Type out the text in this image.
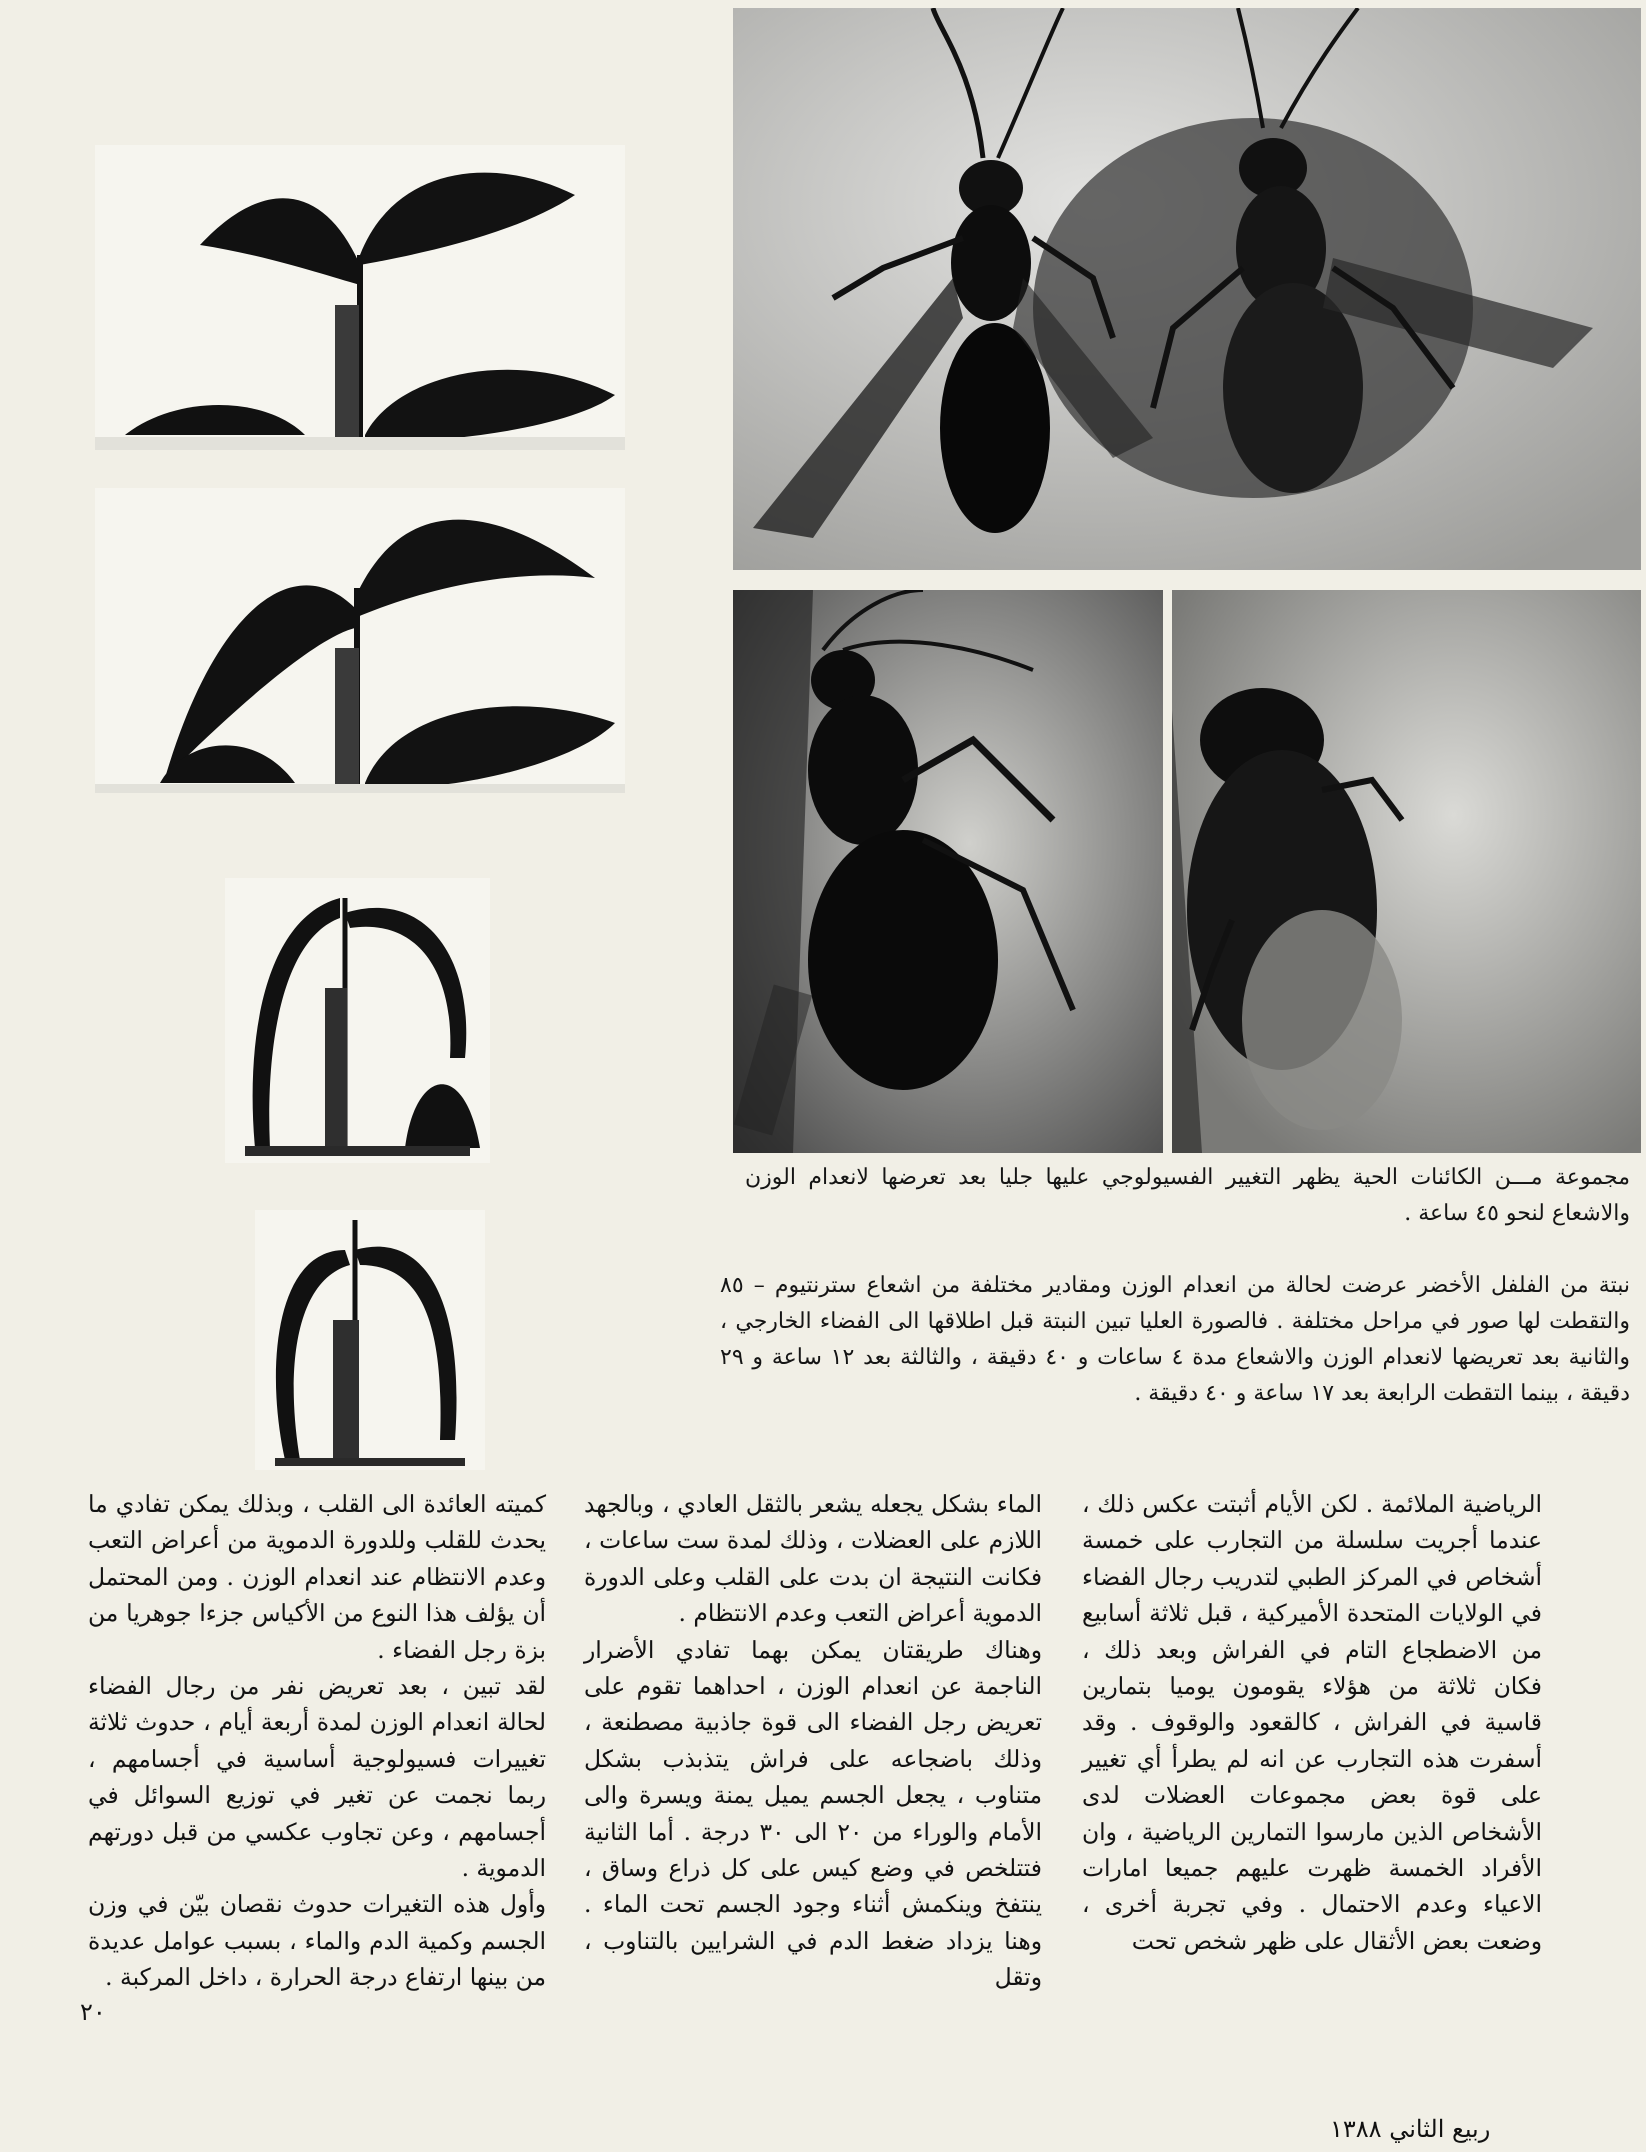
مجموعة مـــن الكائنات الحية يظهر التغيير الفسيولوجي عليها جليا بعد تعرضها لانعدام الوزن والاشعاع لنحو ٤٥ ساعة .

نبتة من الفلفل الأخضر عرضت لحالة من انعدام الوزن ومقادير مختلفة من اشعاع سترنتيوم – ٨٥ والتقطت لها صور في مراحل مختلفة . فالصورة العليا تبين النبتة قبل اطلاقها الى الفضاء الخارجي ، والثانية بعد تعريضها لانعدام الوزن والاشعاع مدة ٤ ساعات و ٤٠ دقيقة ، والثالثة بعد ١٢ ساعة و ٢٩ دقيقة ، بينما التقطت الرابعة بعد ١٧ ساعة و ٤٠ دقيقة .

الرياضية الملائمة . لكن الأيام أثبتت عكس ذلك ، عندما أجريت سلسلة من التجارب على خمسة أشخاص في المركز الطبي لتدريب رجال الفضاء في الولايات المتحدة الأميركية ، قبل ثلاثة أسابيع من الاضطجاع التام في الفراش وبعد ذلك ، فكان ثلاثة من هؤلاء يقومون يوميا بتمارين قاسية في الفراش ، كالقعود والوقوف . وقد أسفرت هذه التجارب عن انه لم يطرأ أي تغيير على قوة بعض مجموعات العضلات لدى الأشخاص الذين مارسوا التمارين الرياضية ، وان الأفراد الخمسة ظهرت عليهم جميعا امارات الاعياء وعدم الاحتمال . وفي تجربة أخرى ، وضعت بعض الأثقال على ظهر شخص تحت

الماء بشكل يجعله يشعر بالثقل العادي ، وبالجهد اللازم على العضلات ، وذلك لمدة ست ساعات ، فكانت النتيجة ان بدت على القلب وعلى الدورة الدموية أعراض التعب وعدم الانتظام .

وهناك طريقتان يمكن بهما تفادي الأضرار الناجمة عن انعدام الوزن ، احداهما تقوم على تعريض رجل الفضاء الى قوة جاذبية مصطنعة ، وذلك باضجاعه على فراش يتذبذب بشكل متناوب ، يجعل الجسم يميل يمنة ويسرة والى الأمام والوراء من ٢٠ الى ٣٠ درجة . أما الثانية فتتلخص في وضع كيس على كل ذراع وساق ، ينتفخ وينكمش أثناء وجود الجسم تحت الماء . وهنا يزداد ضغط الدم في الشرايين بالتناوب ، وتقل

كميته العائدة الى القلب ، وبذلك يمكن تفادي ما يحدث للقلب وللدورة الدموية من أعراض التعب وعدم الانتظام عند انعدام الوزن . ومن المحتمل أن يؤلف هذا النوع من الأكياس جزءا جوهريا من بزة رجل الفضاء .

لقد تبين ، بعد تعريض نفر من رجال الفضاء لحالة انعدام الوزن لمدة أربعة أيام ، حدوث ثلاثة تغييرات فسيولوجية أساسية في أجسامهم ، ربما نجمت عن تغير في توزيع السوائل في أجسامهم ، وعن تجاوب عكسي من قبل دورتهم الدموية .

وأول هذه التغيرات حدوث نقصان بيّن في وزن الجسم وكمية الدم والماء ، بسبب عوامل عديدة من بينها ارتفاع درجة الحرارة ، داخل المركبة .

٢٠
ربيع الثاني ١٣٨٨
